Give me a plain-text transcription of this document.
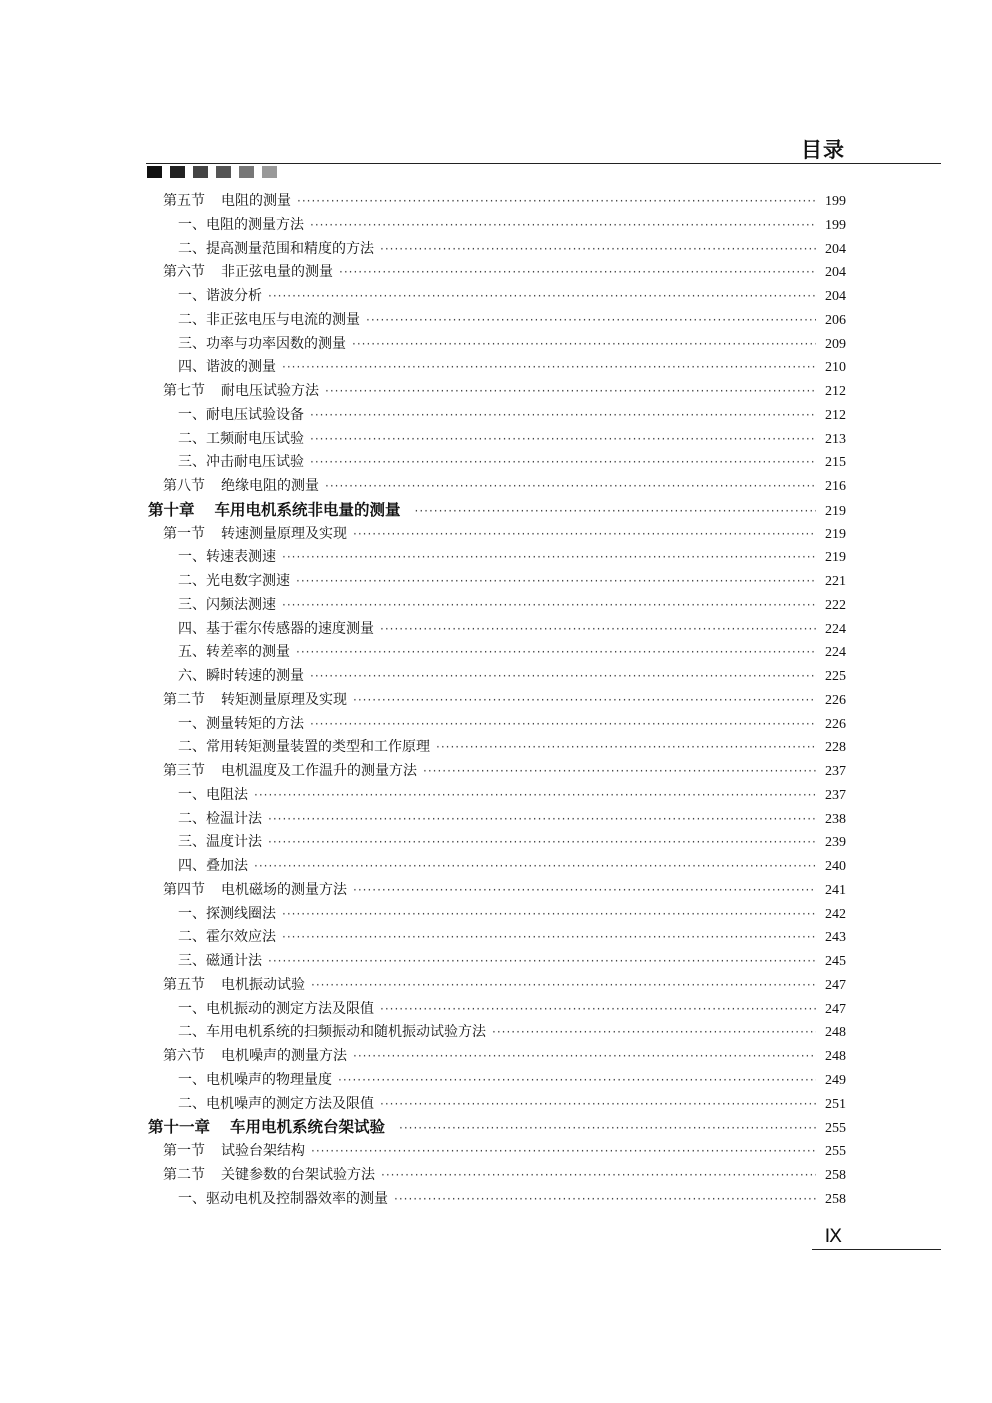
目录
第五节 电阻的测量 ·····	199
一、电阻的测量方法 ·····	199
二、提高测量范围和精度的方法 ·····	204
第六节 非正弦电量的测量 ·····	204
一、谐波分析 ·····	204
二、非正弦电压与电流的测量 ·····	206
三、功率与功率因数的测量 ·····	209
四、谐波的测量 ·····	210
第七节 耐电压试验方法 ·····	212
一、耐电压试验设备 ·····	212
二、工频耐电压试验 ·····	213
三、冲击耐电压试验 ·····	215
第八节 绝缘电阻的测量 ·····	216
第十章 车用电机系统非电量的测量 ·····	219
第一节 转速测量原理及实现 ·····	219
一、转速表测速 ·····	219
二、光电数字测速 ·····	221
三、闪频法测速 ·····	222
四、基于霍尔传感器的速度测量 ·····	224
五、转差率的测量 ·····	224
六、瞬时转速的测量 ·····	225
第二节 转矩测量原理及实现 ·····	226
一、测量转矩的方法 ·····	226
二、常用转矩测量装置的类型和工作原理 ·····	228
第三节 电机温度及工作温升的测量方法 ·····	237
一、电阻法 ·····	237
二、检温计法 ·····	238
三、温度计法 ·····	239
四、叠加法 ·····	240
第四节 电机磁场的测量方法 ·····	241
一、探测线圈法 ·····	242
二、霍尔效应法 ·····	243
三、磁通计法 ·····	245
第五节 电机振动试验 ·····	247
一、电机振动的测定方法及限值 ·····	247
二、车用电机系统的扫频振动和随机振动试验方法 ·····	248
第六节 电机噪声的测量方法 ·····	248
一、电机噪声的物理量度 ·····	249
二、电机噪声的测定方法及限值 ·····	251
第十一章 车用电机系统台架试验 ·····	255
第一节 试验台架结构 ·····	255
第二节 关键参数的台架试验方法 ·····	258
一、驱动电机及控制器效率的测量 ·····	258
Ⅸ
